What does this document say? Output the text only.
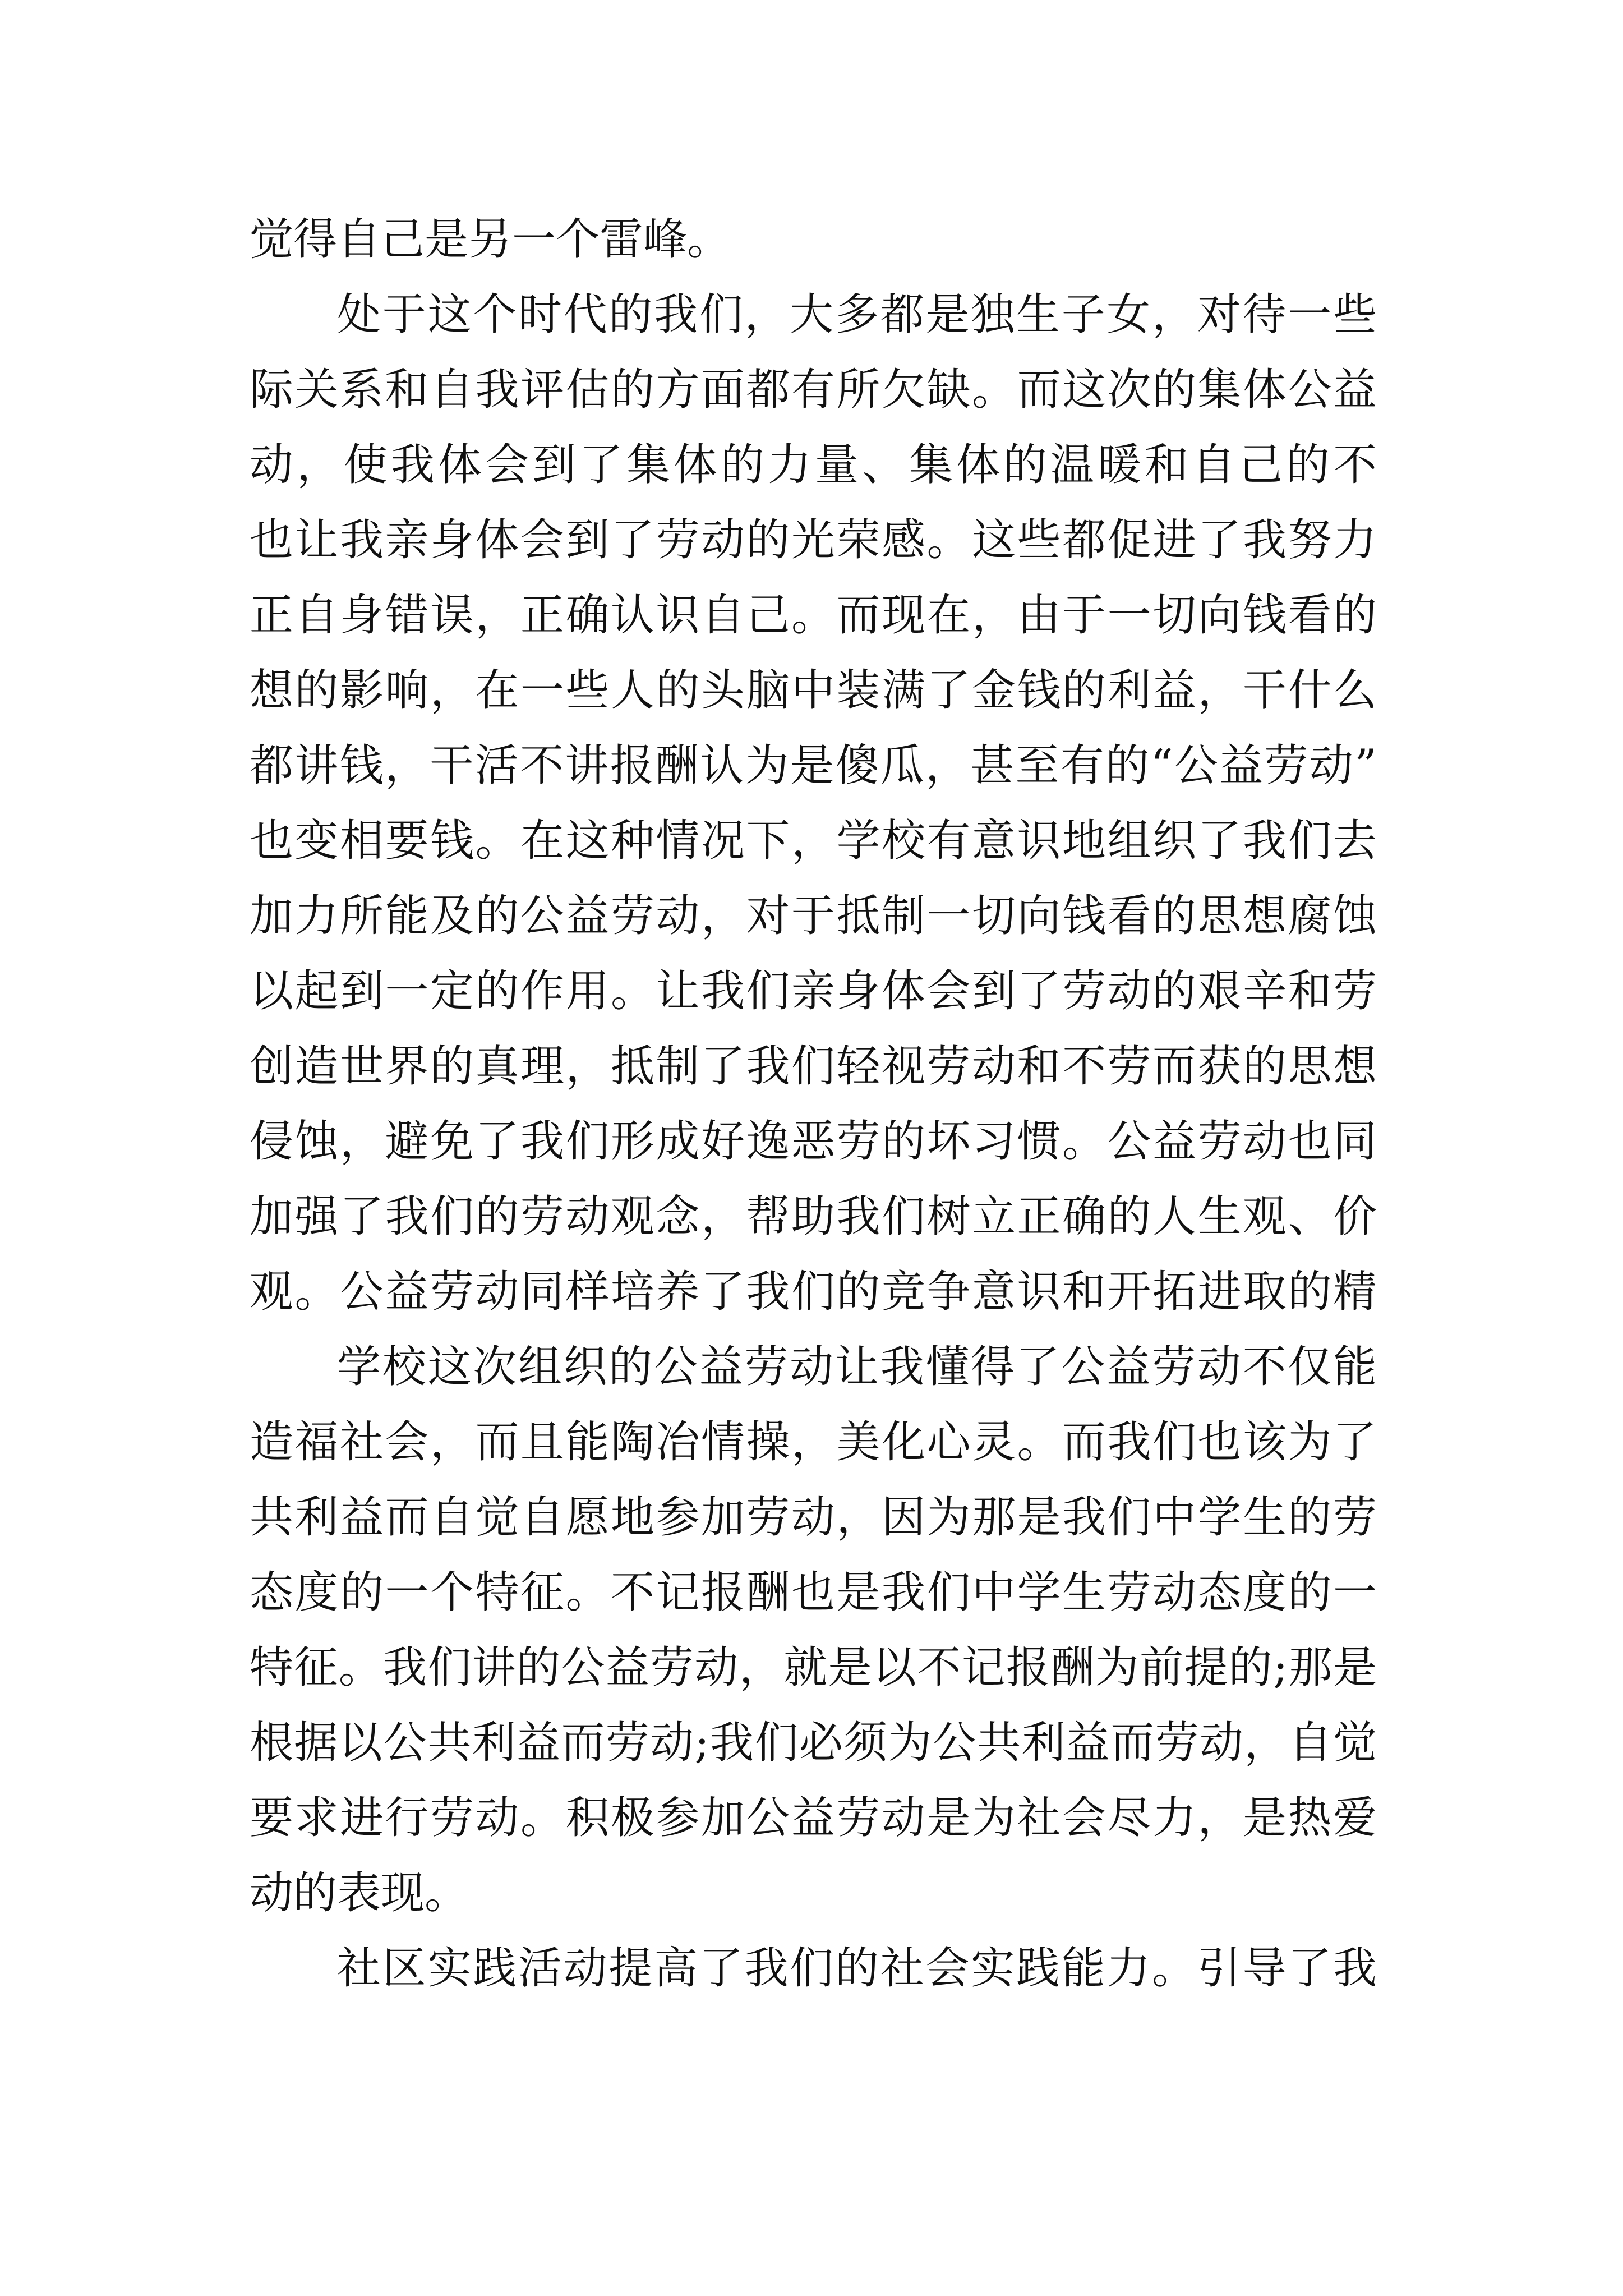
觉得自己是另一个雷峰。
处于这个时代的我们，大多都是独生子女，对待一些
际关系和自我评估的方面都有所欠缺。而这次的集体公益
动，使我体会到了集体的力量、集体的温暖和自己的不
也让我亲身体会到了劳动的光荣感。这些都促进了我努力
正自身错误，正确认识自己。而现在，由于一切向钱看的
想的影响，在一些人的头脑中装满了金钱的利益，干什么
都讲钱，干活不讲报酬认为是傻瓜，甚至有的“公益劳动”
也变相要钱。在这种情况下，学校有意识地组织了我们去
加力所能及的公益劳动，对于抵制一切向钱看的思想腐蚀
以起到一定的作用。让我们亲身体会到了劳动的艰辛和劳
创造世界的真理，抵制了我们轻视劳动和不劳而获的思想
侵蚀，避免了我们形成好逸恶劳的坏习惯。公益劳动也同
加强了我们的劳动观念，帮助我们树立正确的人生观、价
观。公益劳动同样培养了我们的竞争意识和开拓进取的精
学校这次组织的公益劳动让我懂得了公益劳动不仅能
造福社会，而且能陶冶情操，美化心灵。而我们也该为了
共利益而自觉自愿地参加劳动，因为那是我们中学生的劳
态度的一个特征。不记报酬也是我们中学生劳动态度的一
特征。我们讲的公益劳动，就是以不记报酬为前提的;那是
根据以公共利益而劳动;我们必须为公共利益而劳动，自觉
要求进行劳动。积极参加公益劳动是为社会尽力，是热爱
动的表现。
社区实践活动提高了我们的社会实践能力。引导了我
